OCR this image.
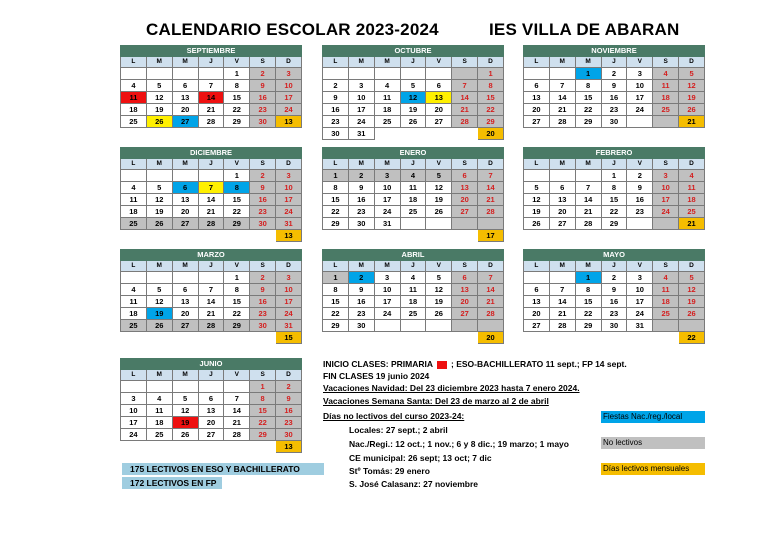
CALENDARIO ESCOLAR 2023-2024	IES VILLA DE ABARAN
SEPTIEMBRE						
L	M	M	J	V	S	D
				1	2	3
4	5	6	7	8	9	10
11	12	13	14	15	16	17
18	19	20	21	22	23	24
25	26	27	28	29	30	13
OCTUBRE						
L	M	M	J	V	S	D
						1
2	3	4	5	6	7	8
9	10	11	12	13	14	15
16	17	18	19	20	21	22
23	24	25	26	27	28	29
30	31					20
NOVIEMBRE						
L	M	M	J	V	S	D
		1	2	3	4	5
6	7	8	9	10	11	12
13	14	15	16	17	18	19
20	21	22	23	24	25	26
27	28	29	30			21
DICIEMBRE						
L	M	M	J	V	S	D
				1	2	3
4	5	6	7	8	9	10
11	12	13	14	15	16	17
18	19	20	21	22	23	24
25	26	27	28	29	30	31
						13
ENERO						
L	M	M	J	V	S	D
1	2	3	4	5	6	7
8	9	10	11	12	13	14
15	16	17	18	19	20	21
22	23	24	25	26	27	28
29	30	31				
						17
FEBRERO						
L	M	M	J	V	S	D
			1	2	3	4
5	6	7	8	9	10	11
12	13	14	15	16	17	18
19	20	21	22	23	24	25
26	27	28	29			21
MARZO						
L	M	M	J	V	S	D
				1	2	3
4	5	6	7	8	9	10
11	12	13	14	15	16	17
18	19	20	21	22	23	24
25	26	27	28	29	30	31
						15
ABRIL						
L	M	M	J	V	S	D
1	2	3	4	5	6	7
8	9	10	11	12	13	14
15	16	17	18	19	20	21
22	23	24	25	26	27	28
29	30					
						20
MAYO						
L	M	M	J	V	S	D
		1	2	3	4	5
6	7	8	9	10	11	12
13	14	15	16	17	18	19
20	21	22	23	24	25	26
27	28	29	30	31		
						22
JUNIO						
L	M	M	J	V	S	D
					1	2
3	4	5	6	7	8	9
10	11	12	13	14	15	16
17	18	19	20	21	22	23
24	25	26	27	28	29	30
						13
INICIO CLASES: PRIMARIA ; ESO-BACHILLERATO 11 sept.; FP 14 sept.
FIN CLASES 19 junio 2024
Vacaciones Navidad: Del 23 diciembre 2023 hasta 7 enero 2024.
Vacaciones Semana Santa: Del 23 de marzo al 2 de abril
Días no lectivos del curso 2023-24:
Locales: 27 sept.; 2 abril
Nac./Regi.: 12 oct.; 1 nov.; 6 y 8 dic.; 19 marzo; 1 mayo
CE municipal: 26 sept; 13 oct; 7 dic
Stº Tomás: 29 enero
S. José Calasanz: 27 noviembre
175 LECTIVOS EN ESO Y BACHILLERATO
172 LECTIVOS EN FP
Fiestas Nac./reg./local
No lectivos
Días lectivos mensuales
